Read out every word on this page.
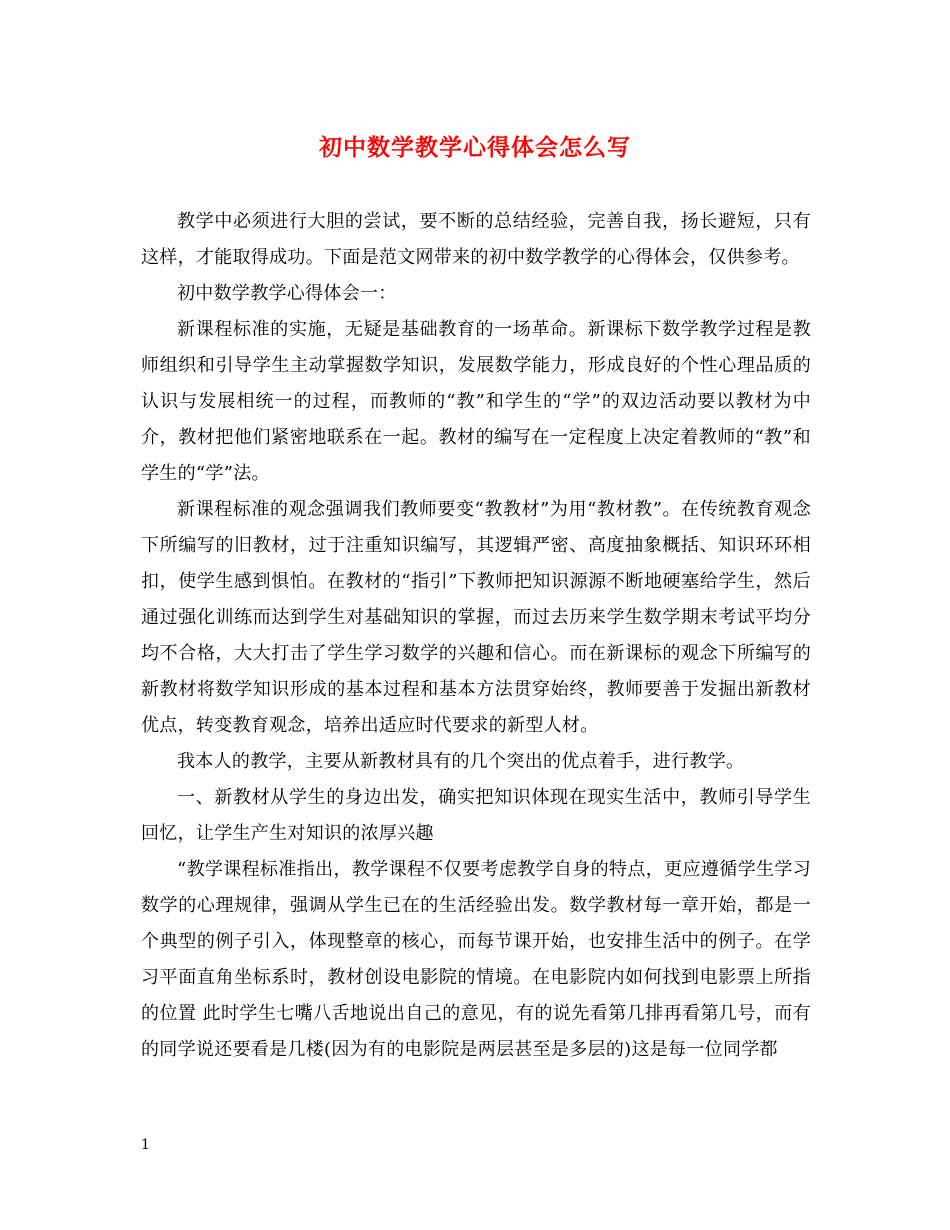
初中数学教学心得体会怎么写

教学中必须进行大胆的尝试，要不断的总结经验，完善自我，扬长避短，只有这样，才能取得成功。下面是范文网带来的初中数学教学的心得体会，仅供参考。

初中数学教学心得体会一：

新课程标准的实施，无疑是基础教育的一场革命。新课标下数学教学过程是教师组织和引导学生主动掌握数学知识，发展数学能力，形成良好的个性心理品质的认识与发展相统一的过程，而教师的“教”和学生的“学”的双边活动要以教材为中介，教材把他们紧密地联系在一起。教材的编写在一定程度上决定着教师的“教”和学生的“学”法。

新课程标准的观念强调我们教师要变“教教材”为用“教材教”。在传统教育观念下所编写的旧教材，过于注重知识编写，其逻辑严密、高度抽象概括、知识环环相扣，使学生感到惧怕。在教材的“指引”下教师把知识源源不断地硬塞给学生，然后通过强化训练而达到学生对基础知识的掌握，而过去历来学生数学期末考试平均分均不合格，大大打击了学生学习数学的兴趣和信心。而在新课标的观念下所编写的新教材将数学知识形成的基本过程和基本方法贯穿始终，教师要善于发掘出新教材优点，转变教育观念，培养出适应时代要求的新型人材。

我本人的教学，主要从新教材具有的几个突出的优点着手，进行教学。

一、新教材从学生的身边出发，确实把知识体现在现实生活中，教师引导学生回忆，让学生产生对知识的浓厚兴趣

“教学课程标准指出，教学课程不仅要考虑教学自身的特点，更应遵循学生学习数学的心理规律，强调从学生已在的生活经验出发。数学教材每一章开始，都是一个典型的例子引入，体现整章的核心，而每节课开始，也安排生活中的例子。在学习平面直角坐标系时，教材创设电影院的情境。在电影院内如何找到电影票上所指的位置 此时学生七嘴八舌地说出自己的意见，有的说先看第几排再看第几号，而有的同学说还要看是几楼(因为有的电影院是两层甚至是多层的)这是每一位同学都

1
